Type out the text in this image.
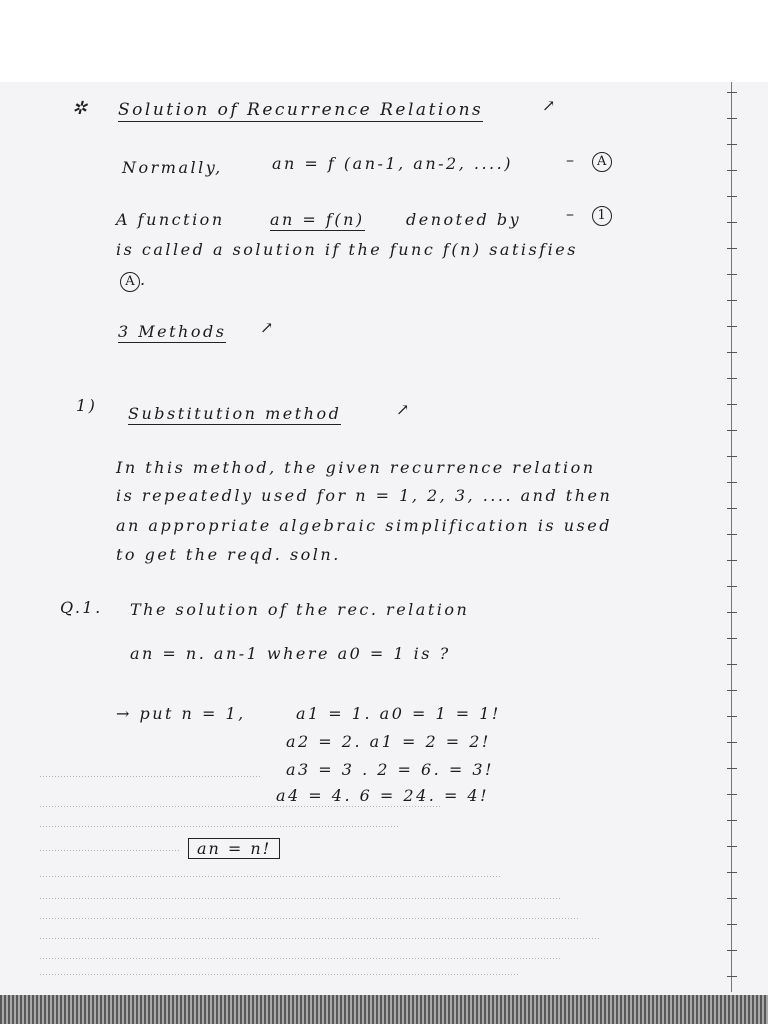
✲ Solution of Recurrence Relations	↗
Normally,	an = f (an-1, an-2, ....)	–  A
A function	an = f(n)	denoted by	–  1
is called a solution if the func f(n) satisfies
A .
3 Methods ↗
1) Substitution method	↗
In this method, the given recurrence relation
is repeatedly used for n = 1, 2, 3, .... and then
an appropriate algebraic simplification is used
to get the reqd. soln.
Q.1. The solution of the rec. relation
an = n. an-1 where a0 = 1 is ?
→ put n = 1,	a1 = 1. a0 = 1 = 1!
a2 = 2. a1 = 2 = 2!
a3 = 3 . 2 = 6. = 3!
a4 = 4. 6 = 24. = 4!
an = n!
